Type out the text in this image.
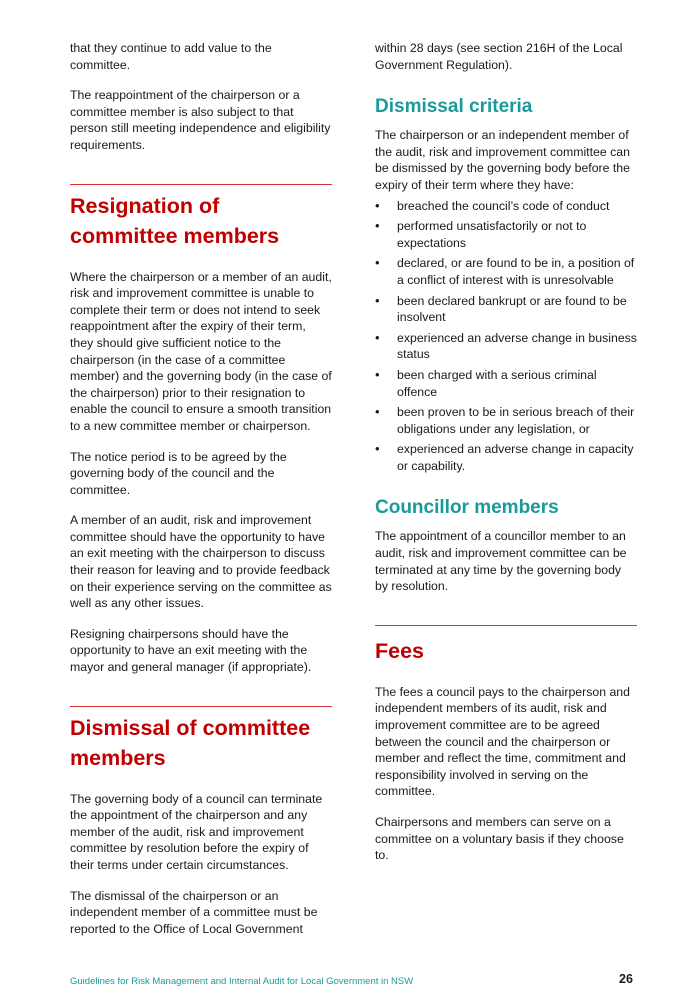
that they continue to add value to the committee.

The reappointment of the chairperson or a committee member is also subject to that person still meeting independence and eligibility requirements.

Resignation of committee members

Where the chairperson or a member of an audit, risk and improvement committee is unable to complete their term or does not intend to seek reappointment after the expiry of their term, they should give sufficient notice to the chairperson (in the case of a committee member) and the governing body (in the case of the chairperson) prior to their resignation to enable the council to ensure a smooth transition to a new committee member or chairperson.

The notice period is to be agreed by the governing body of the council and the committee.

A member of an audit, risk and improvement committee should have the opportunity to have an exit meeting with the chairperson to discuss their reason for leaving and to provide feedback on their experience serving on the committee as well as any other issues.

Resigning chairpersons should have the opportunity to have an exit meeting with the mayor and general manager (if appropriate).

Dismissal of committee members

The governing body of a council can terminate the appointment of the chairperson and any member of the audit, risk and improvement committee by resolution before the expiry of their terms under certain circumstances.

The dismissal of the chairperson or an independent member of a committee must be reported to the Office of Local Government

within 28 days (see section 216H of the Local Government Regulation).

Dismissal criteria

The chairperson or an independent member of the audit, risk and improvement committee can be dismissed by the governing body before the expiry of their term where they have:

• breached the council’s code of conduct
• performed unsatisfactorily or not to expectations
• declared, or are found to be in, a position of a conflict of interest with is unresolvable
• been declared bankrupt or are found to be insolvent
• experienced an adverse change in business status
• been charged with a serious criminal offence
• been proven to be in serious breach of their obligations under any legislation, or
• experienced an adverse change in capacity or capability.
Councillor members

The appointment of a councillor member to an audit, risk and improvement committee can be terminated at any time by the governing body by resolution.

Fees

The fees a council pays to the chairperson and independent members of its audit, risk and improvement committee are to be agreed between the council and the chairperson or member and reflect the time, commitment and responsibility involved in serving on the committee.

Chairpersons and members can serve on a committee on a voluntary basis if they choose to.

Guidelines for Risk Management and Internal Audit for Local Government in NSW	26
